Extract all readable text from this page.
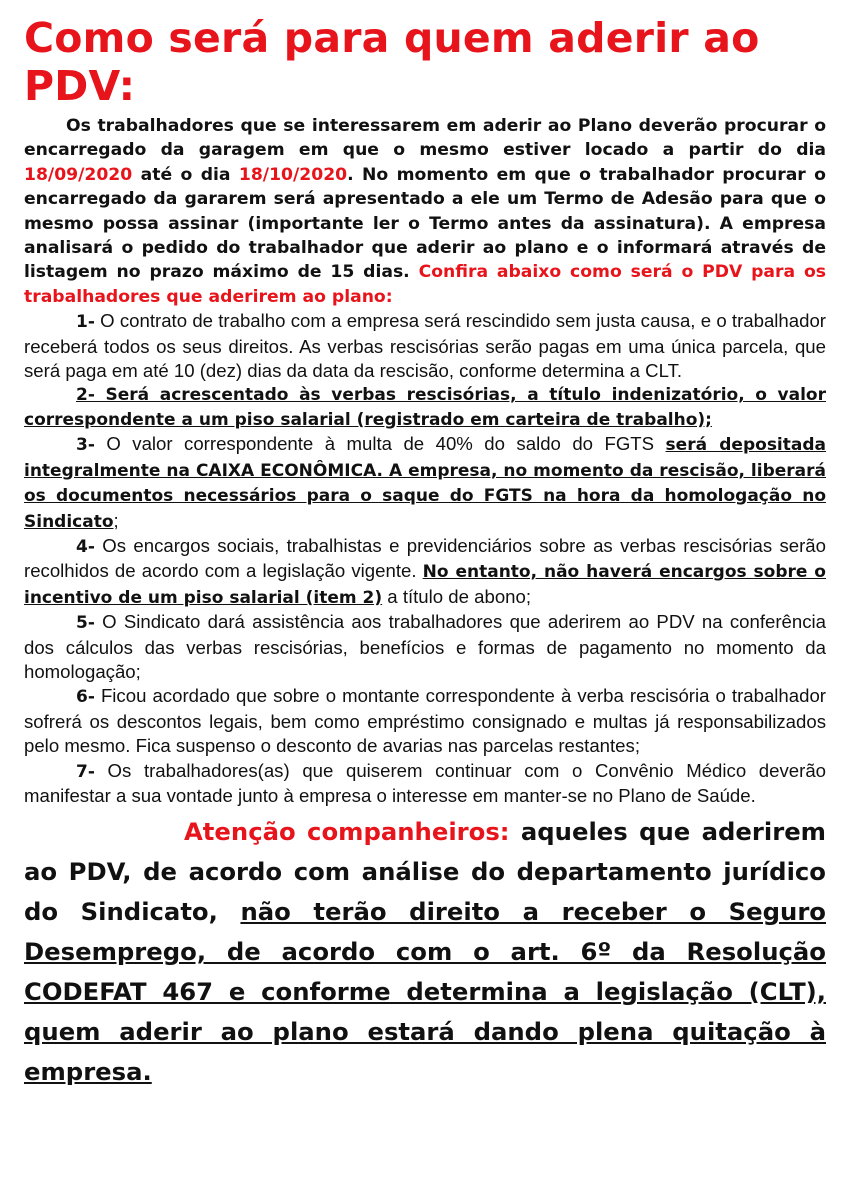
Como será para quem aderir ao PDV:

Os trabalhadores que se interessarem em aderir ao Plano deverão procurar o encarregado da garagem em que o mesmo estiver locado a partir do dia 18/09/2020 até o dia 18/10/2020. No momento em que o trabalhador procurar o encarregado da gararem será apresentado a ele um Termo de Adesão para que o mesmo possa assinar (importante ler o Termo antes da assinatura). A empresa analisará o pedido do trabalhador que aderir ao plano e o informará através de listagem no prazo máximo de 15 dias. Confira abaixo como será o PDV para os trabalhadores que aderirem ao plano:

1- O contrato de trabalho com a empresa será rescindido sem justa causa, e o trabalhador receberá todos os seus direitos. As verbas rescisórias serão pagas em uma única parcela, que será paga em até 10 (dez) dias da data da rescisão, conforme determina a CLT.

2- Será acrescentado às verbas rescisórias, a título indenizatório, o valor correspondente a um piso salarial (registrado em carteira de trabalho);

3- O valor correspondente à multa de 40% do saldo do FGTS será depositada integralmente na CAIXA ECONÔMICA. A empresa, no momento da rescisão, liberará os documentos necessários para o saque do FGTS na hora da homologação no Sindicato;

4- Os encargos sociais, trabalhistas e previdenciários sobre as verbas rescisórias serão recolhidos de acordo com a legislação vigente. No entanto, não haverá encargos sobre o incentivo de um piso salarial (item 2) a título de abono;

5- O Sindicato dará assistência aos trabalhadores que aderirem ao PDV na conferência dos cálculos das verbas rescisórias, benefícios e formas de pagamento no momento da homologação;

6- Ficou acordado que sobre o montante correspondente à verba rescisória o trabalhador sofrerá os descontos legais, bem como empréstimo consignado e multas já responsabilizados pelo mesmo. Fica suspenso o desconto de avarias nas parcelas restantes;

7- Os trabalhadores(as) que quiserem continuar com o Convênio Médico deverão manifestar a sua vontade junto à empresa o interesse em manter-se no Plano de Saúde.

Atenção companheiros: aqueles que aderirem ao PDV, de acordo com análise do departamento jurídico do Sindicato, não terão direito a receber o Seguro Desemprego, de acordo com o art. 6º da Resolução CODEFAT 467 e conforme determina a legislação (CLT), quem aderir ao plano estará dando plena quitação à empresa.
